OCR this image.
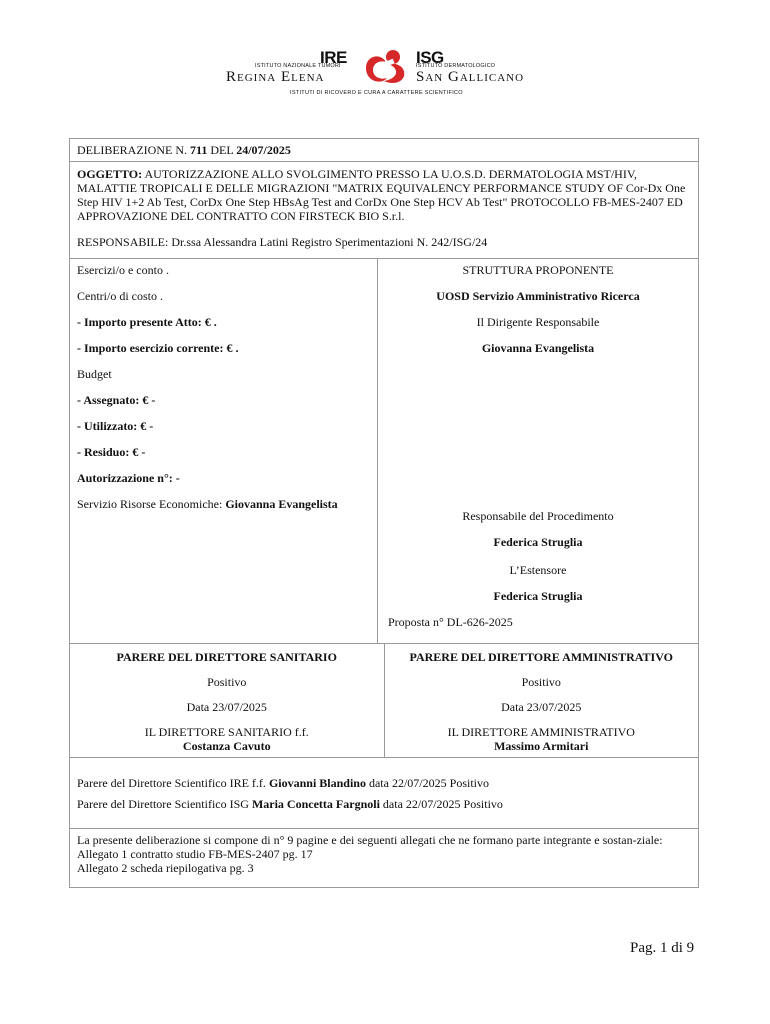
IRE
ISTITUTO NAZIONALE TUMORI
Regina Elena
ISG
ISTITUTO DERMATOLOGICO
San Gallicano
ISTITUTI DI RICOVERO E CURA A CARATTERE SCIENTIFICO
DELIBERAZIONE N. 711 DEL 24/07/2025

OGGETTO: AUTORIZZAZIONE ALLO SVOLGIMENTO PRESSO LA U.O.S.D. DERMATOLOGIA MST/HIV, MALATTIE TROPICALI E DELLE MIGRAZIONI "MATRIX EQUIVALENCY PERFORMANCE STUDY OF Cor-Dx One Step HIV 1+2 Ab Test, CorDx One Step HBsAg Test and CorDx One Step HCV Ab Test" PROTOCOLLO FB-MES-2407 ED APPROVAZIONE DEL CONTRATTO CON FIRSTECK BIO S.r.l.

RESPONSABILE: Dr.ssa Alessandra Latini Registro Sperimentazioni N. 242/ISG/24

Esercizi/o e conto .
Centri/o di costo .
- Importo presente Atto: € .
- Importo esercizio corrente: € .
Budget
- Assegnato: € -
- Utilizzato: € -
- Residuo: € -
Autorizzazione n°: -
Servizio Risorse Economiche: Giovanna Evangelista
STRUTTURA PROPONENTE
UOSD Servizio Amministrativo Ricerca
Il Dirigente Responsabile
Giovanna Evangelista
Responsabile del Procedimento
Federica Struglia
L’Estensore
Federica Struglia
Proposta n° DL-626-2025
PARERE DEL DIRETTORE SANITARIO
Positivo
Data 23/07/2025
IL DIRETTORE SANITARIO f.f.
Costanza Cavuto
PARERE DEL DIRETTORE AMMINISTRATIVO
Positivo
Data 23/07/2025
IL DIRETTORE AMMINISTRATIVO
Massimo Armitari
Parere del Direttore Scientifico IRE f.f. Giovanni Blandino data 22/07/2025 Positivo
Parere del Direttore Scientifico ISG Maria Concetta Fargnoli data 22/07/2025 Positivo
La presente deliberazione si compone di n° 9 pagine e dei seguenti allegati che ne formano parte integrante e sostan-ziale:
Allegato 1 contratto studio FB-MES-2407 pg. 17
Allegato 2 scheda riepilogativa pg. 3
Pag. 1 di 9
